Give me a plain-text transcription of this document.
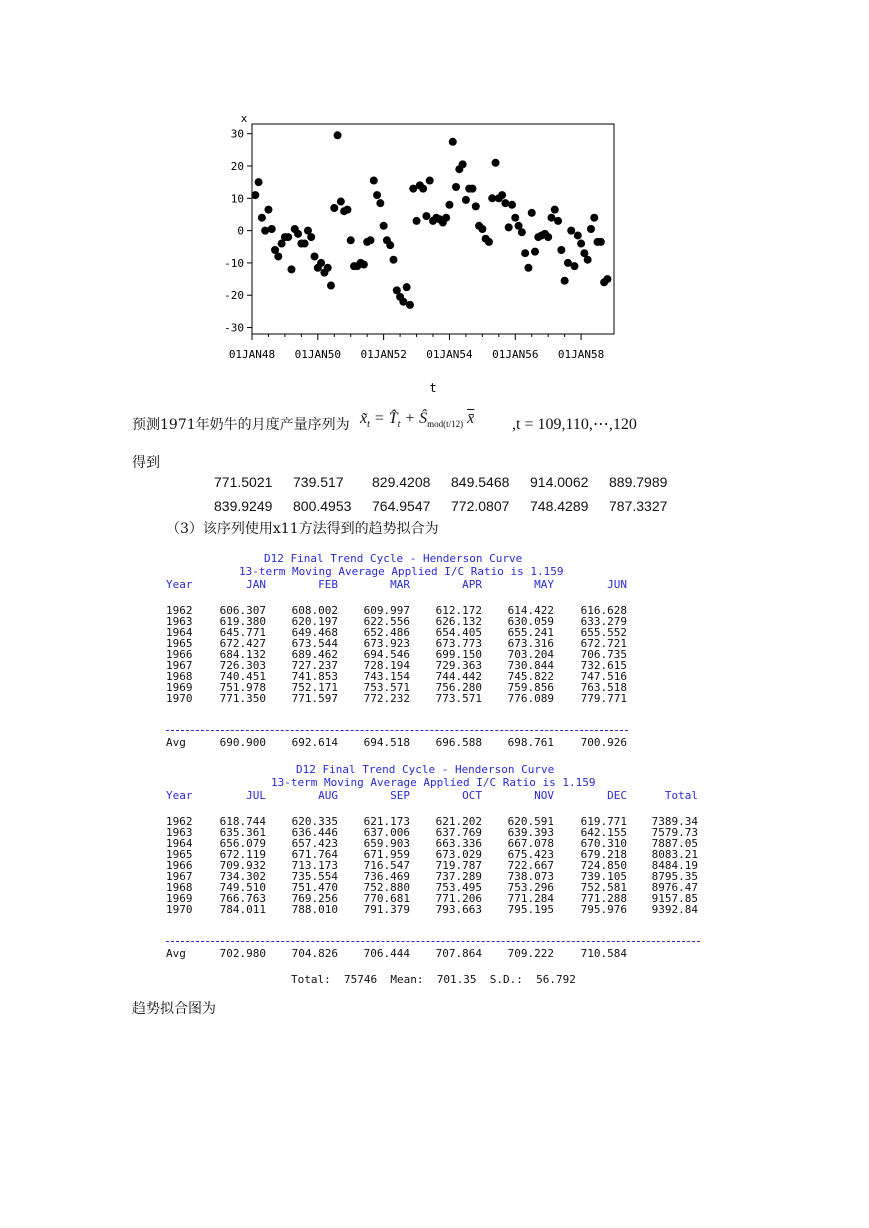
x
t
30
20
10
0
-10
-20
-30
01JAN48 01JAN50 01JAN52 01JAN54 01JAN56 01JAN58
预测1971年奶牛的月度产量序列为 $x̃_t$ = $T̂_t$ + $Ŝ_{mod(t/12)}$ x̄ ,t = 109,110,⋯,120
得到
771.5021 739.517 829.4208 849.5468 914.0062 889.7989
839.9249 800.4953 764.9547 772.0807 748.4289 787.3327
（3）该序列使用x11方法得到的趋势拟合为

D12 Final Trend Cycle - Henderson Curve

13-term Moving Average Applied I/C Ratio is 1.159

D12 Final Trend Cycle - Henderson Curve

13-term Moving Average Applied I/C Ratio is 1.159

Year	JAN	FEB	MAR	APR	MAY	JUN
1962	606.307	608.002	609.997	612.172	614.422	616.628
1963	619.380	620.197	622.556	626.132	630.059	633.279
1964	645.771	649.468	652.486	654.405	655.241	655.552
1965	672.427	673.544	673.923	673.773	673.316	672.721
1966	684.132	689.462	694.546	699.150	703.204	706.735
1967	726.303	727.237	728.194	729.363	730.844	732.615
1968	740.451	741.853	743.154	744.442	745.822	747.516
1969	751.978	752.171	753.571	756.280	759.856	763.518
1970	771.350	771.597	772.232	773.571	776.089	779.771
Avg	690.900	692.614	694.518	696.588	698.761	700.926
Year	JUL	AUG	SEP	OCT	NOV	DEC	Total
1962	618.744	620.335	621.173	621.202	620.591	619.771	7389.34
1963	635.361	636.446	637.006	637.769	639.393	642.155	7579.73
1964	656.079	657.423	659.903	663.336	667.078	670.310	7887.05
1965	672.119	671.764	671.959	673.029	675.423	679.218	8083.21
1966	709.932	713.173	716.547	719.787	722.667	724.850	8484.19
1967	734.302	735.554	736.469	737.289	738.073	739.105	8795.35
1968	749.510	751.470	752.880	753.495	753.296	752.581	8976.47
1969	766.763	769.256	770.681	771.206	771.284	771.288	9157.85
1970	784.011	788.010	791.379	793.663	795.195	795.976	9392.84
Avg	702.980	704.826	706.444	707.864	709.222	710.584
Total: 75746 Mean: 701.35 S.D.: 56.792
趋势拟合图为
